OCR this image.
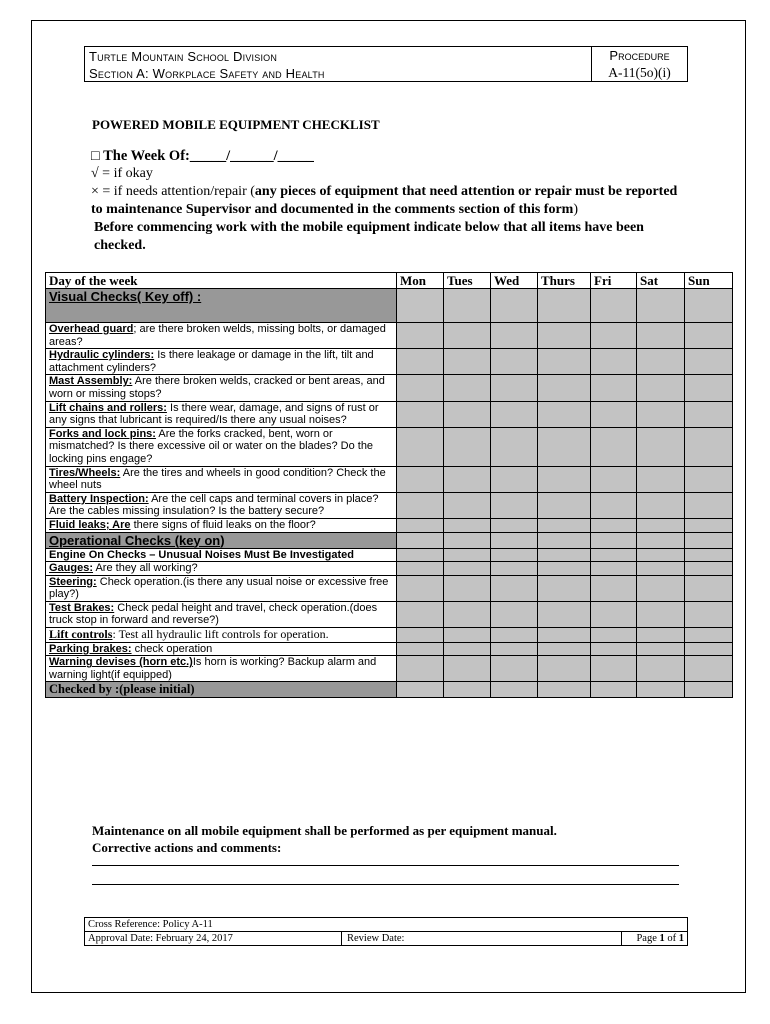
Turtle Mountain School Division
Section A: Workplace Safety and Health
Procedure
A-11(5o)(i)
POWERED MOBILE EQUIPMENT CHECKLIST
□ The Week Of:_____/______/_____
√ = if okay
× = if needs attention/repair (any pieces of equipment that need attention or repair must be reported to maintenance Supervisor and documented in the comments section of this form)
Before commencing work with the mobile equipment indicate below that all items have been checked.
Day of the week	Mon	Tues	Wed	Thurs	Fri	Sat	Sun
Visual Checks( Key off) :							
Overhead guard; are there broken welds, missing bolts, or damaged areas?							
Hydraulic cylinders: Is there leakage or damage in the lift, tilt and attachment cylinders?							
Mast Assembly: Are there broken welds, cracked or bent areas, and worn or missing stops?							
Lift chains and rollers: Is there wear, damage, and signs of rust or any signs that lubricant is required/Is there any usual noises?							
Forks and lock pins: Are the forks cracked, bent, worn or mismatched? Is there excessive oil or water on the blades? Do the locking pins engage?							
Tires/Wheels: Are the tires and wheels in good condition? Check the wheel nuts							
Battery Inspection: Are the cell caps and terminal covers in place? Are the cables missing insulation? Is the battery secure?							
Fluid leaks; Are there signs of fluid leaks on the floor?							
Operational Checks (key on)							
Engine On Checks – Unusual Noises Must Be Investigated							
Gauges: Are they all working?							
Steering: Check operation.(is there any usual noise or excessive free play?)							
Test Brakes: Check pedal height and travel, check operation.(does truck stop in forward and reverse?)							
Lift controls: Test all hydraulic lift controls for operation.							
Parking brakes: check operation							
Warning devises (horn etc.)Is horn is working? Backup alarm and warning light(if equipped)							
Checked by :(please initial)							
Maintenance on all mobile equipment shall be performed as per equipment manual.
Corrective actions and comments:
Cross Reference: Policy A-11
Approval Date: February 24, 2017	Review Date:	Page 1 of 1
